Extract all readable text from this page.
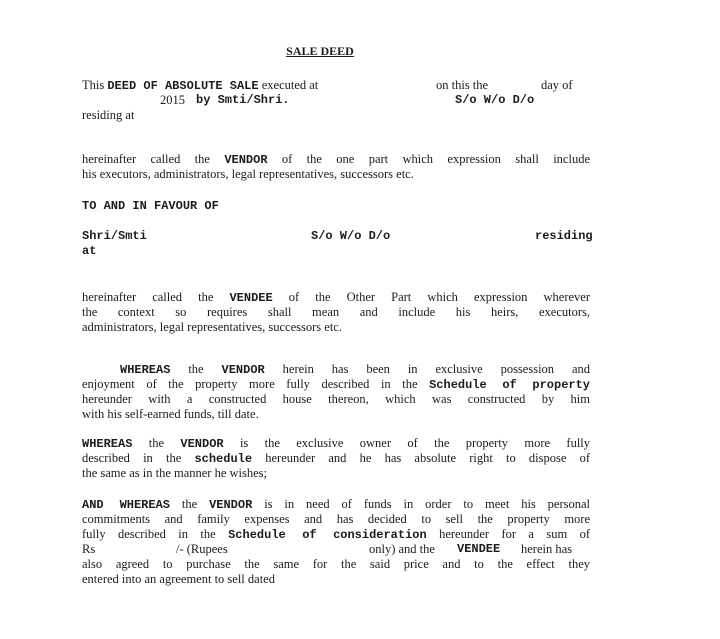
SALE DEED
This DEED OF ABSOLUTE SALE executed at	on this the	day of
2015 by Smti/Shri.	S/o W/o D/o
residing at
hereinafter called the VENDOR of the one part which expression shall include
his executors, administrators, legal representatives, successors etc.
TO AND IN FAVOUR OF
Shri/Smti	S/o W/o D/o	residing
at
hereinafter called the VENDEE of the Other Part which expression wherever
the context so requires shall mean and include his heirs, executors,
administrators, legal representatives, successors etc.
WHEREAS the VENDOR herein has been in exclusive possession and
enjoyment of the property more fully described in the Schedule of property
hereunder with a constructed house thereon, which was constructed by him
with his self-earned funds, till date.
WHEREAS the VENDOR is the exclusive owner of the property more fully
described in the schedule hereunder and he has absolute right to dispose of
the same as in the manner he wishes;
AND WHEREAS the VENDOR is in need of funds in order to meet his personal
commitments and family expenses and has decided to sell the property more
fully described in the Schedule of consideration hereunder for a sum of
Rs	/- (Rupees	only) and the VENDEE herein has
also agreed to purchase the same for the said price and to the effect they
entered into an agreement to sell dated
